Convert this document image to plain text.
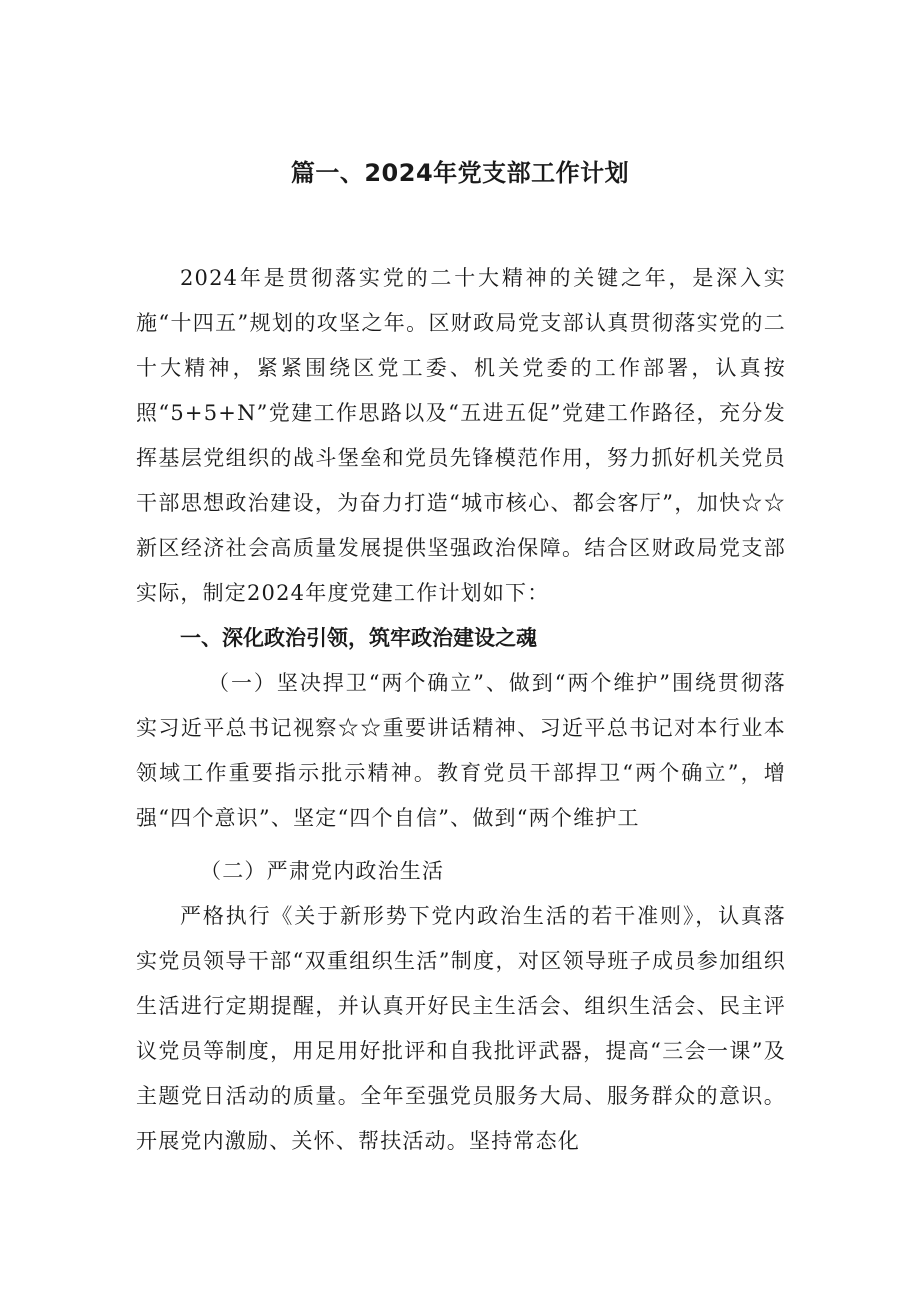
篇一、2024年党支部工作计划

2024年是贯彻落实党的二十大精神的关键之年，是深入实施“十四五”规划的攻坚之年。区财政局党支部认真贯彻落实党的二十大精神，紧紧围绕区党工委、机关党委的工作部署，认真按照“5+5+N”党建工作思路以及“五进五促”党建工作路径，充分发挥基层党组织的战斗堡垒和党员先锋模范作用，努力抓好机关党员干部思想政治建设，为奋力打造“城市核心、都会客厅”，加快☆☆新区经济社会高质量发展提供坚强政治保障。结合区财政局党支部实际，制定2024年度党建工作计划如下：

一、深化政治引领，筑牢政治建设之魂

（一）坚决捍卫“两个确立”、做到“两个维护”围绕贯彻落实习近平总书记视察☆☆重要讲话精神、习近平总书记对本行业本领域工作重要指示批示精神。教育党员干部捍卫“两个确立”，增强“四个意识”、坚定“四个自信”、做到“两个维护工

（二）严肃党内政治生活

严格执行《关于新形势下党内政治生活的若干准则》，认真落实党员领导干部“双重组织生活”制度，对区领导班子成员参加组织生活进行定期提醒，并认真开好民主生活会、组织生活会、民主评议党员等制度，用足用好批评和自我批评武器，提高“三会一课”及主题党日活动的质量。全年至强党员服务大局、服务群众的意识。开展党内激励、关怀、帮扶活动。坚持常态化
